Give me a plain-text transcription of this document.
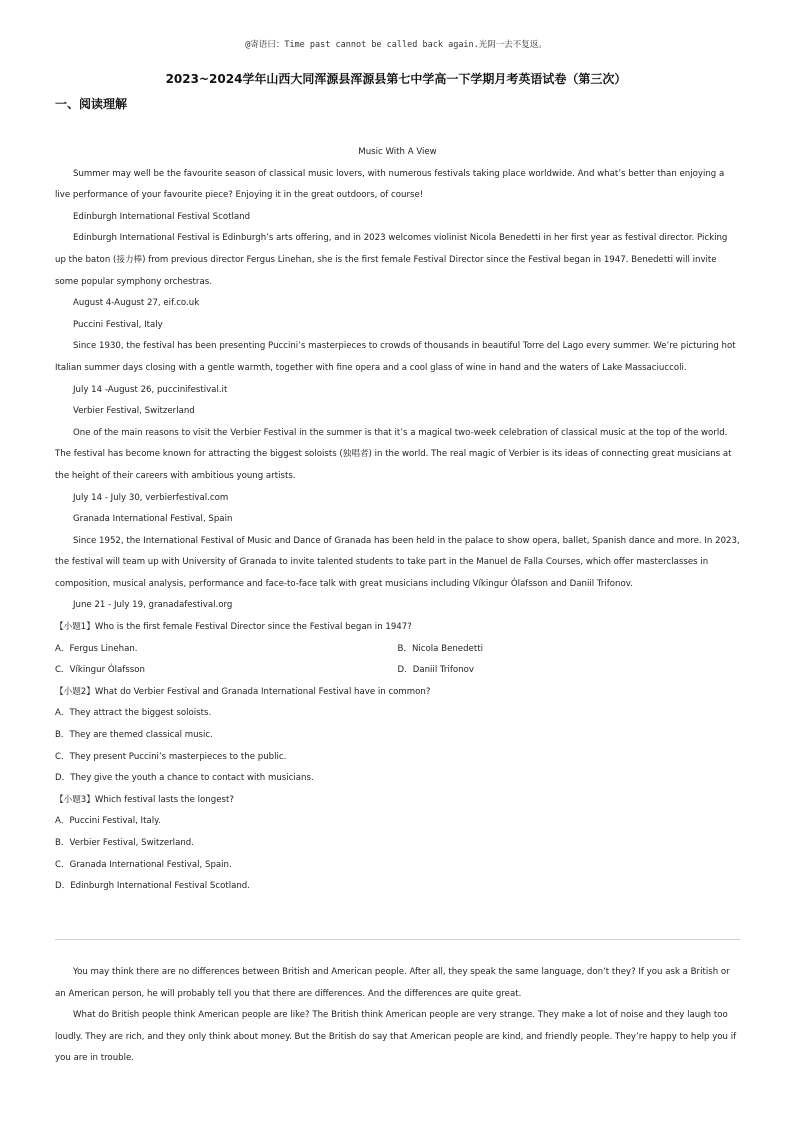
@寄语曰：Time past cannot be called back again.光阴一去不复返。
2023~2024学年山西大同浑源县浑源县第七中学高一下学期月考英语试卷（第三次）
一、阅读理解

Music With A View

Summer may well be the favourite season of classical music lovers, with numerous festivals taking place worldwide. And what’s better than enjoying a live performance of your favourite piece? Enjoying it in the great outdoors, of course!

Edinburgh International Festival Scotland

Edinburgh International Festival is Edinburgh’s arts offering, and in 2023 welcomes violinist Nicola Benedetti in her first year as festival director. Picking up the baton (接力棒) from previous director Fergus Linehan, she is the first female Festival Director since the Festival began in 1947. Benedetti will invite some popular symphony orchestras.

August 4-August 27, eif.co.uk

Puccini Festival, Italy

Since 1930, the festival has been presenting Puccini’s masterpieces to crowds of thousands in beautiful Torre del Lago every summer. We’re picturing hot Italian summer days closing with a gentle warmth, together with fine opera and a cool glass of wine in hand and the waters of Lake Massaciuccoli.

July 14 -August 26, puccinifestival.it

Verbier Festival, Switzerland

One of the main reasons to visit the Verbier Festival in the summer is that it’s a magical two-week celebration of classical music at the top of the world. The festival has become known for attracting the biggest soloists (独唱者) in the world. The real magic of Verbier is its ideas of connecting great musicians at the height of their careers with ambitious young artists.

July 14 - July 30, verbierfestival.com

Granada International Festival, Spain

Since 1952, the International Festival of Music and Dance of Granada has been held in the palace to show opera, ballet, Spanish dance and more. In 2023, the festival will team up with University of Granada to invite talented students to take part in the Manuel de Falla Courses, which offer masterclasses in composition, musical analysis, performance and face-to-face talk with great musicians including Víkingur Ólafsson and Daniil Trifonov.

June 21 - July 19, granadafestival.org

【小题1】Who is the first female Festival Director since the Festival began in 1947?

A．Fergus Linehan.	B．Nicola Benedetti
C．Víkingur Ólafsson	D．Daniil Trifonov

【小题2】What do Verbier Festival and Granada International Festival have in common?

A．They attract the biggest soloists.

B．They are themed classical music.

C．They present Puccini’s masterpieces to the public.

D．They give the youth a chance to contact with musicians.

【小题3】Which festival lasts the longest?

A．Puccini Festival, Italy.

B．Verbier Festival, Switzerland.

C．Granada International Festival, Spain.

D．Edinburgh International Festival Scotland.

You may think there are no differences between British and American people. After all, they speak the same language, don’t they? If you ask a British or an American person, he will probably tell you that there are differences. And the differences are quite great.

What do British people think American people are like? The British think American people are very strange. They make a lot of noise and they laugh too loudly. They are rich, and they only think about money. But the British do say that American people are kind, and friendly people. They’re happy to help you if you are in trouble.
